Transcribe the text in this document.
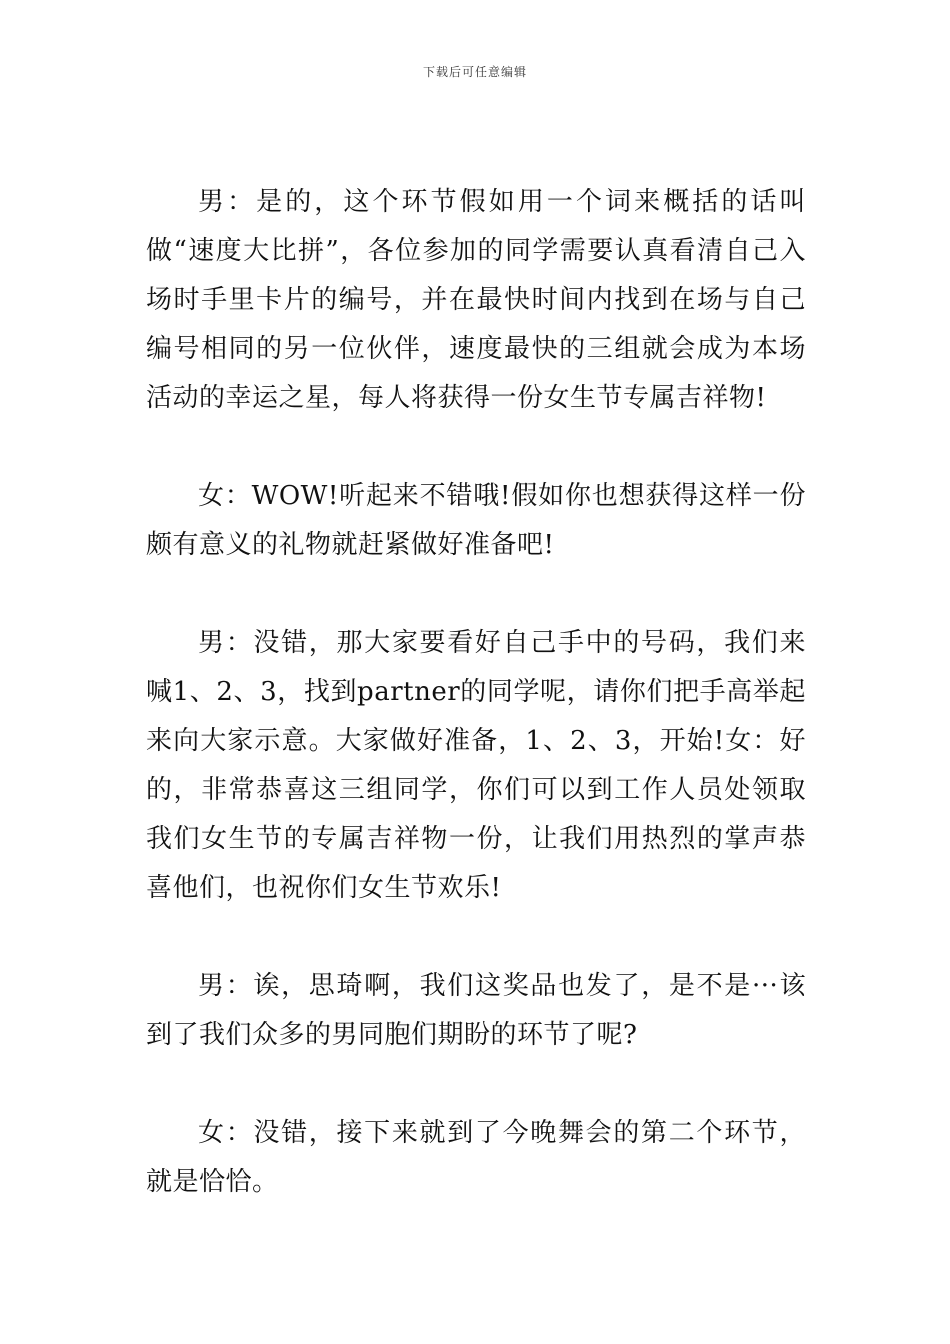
下载后可任意编辑

男：是的，这个环节假如用一个词来概括的话叫做“速度大比拼”，各位参加的同学需要认真看清自己入场时手里卡片的编号，并在最快时间内找到在场与自己编号相同的另一位伙伴，速度最快的三组就会成为本场活动的幸运之星，每人将获得一份女生节专属吉祥物!

女：WOW!听起来不错哦!假如你也想获得这样一份颇有意义的礼物就赶紧做好准备吧!

男：没错，那大家要看好自己手中的号码，我们来喊1、2、3，找到partner的同学呢，请你们把手高举起来向大家示意。大家做好准备，1、2、3，开始!女：好的，非常恭喜这三组同学，你们可以到工作人员处领取我们女生节的专属吉祥物一份，让我们用热烈的掌声恭喜他们，也祝你们女生节欢乐!

男：诶，思琦啊，我们这奖品也发了，是不是···该到了我们众多的男同胞们期盼的环节了呢?

女：没错，接下来就到了今晚舞会的第二个环节，就是恰恰。
